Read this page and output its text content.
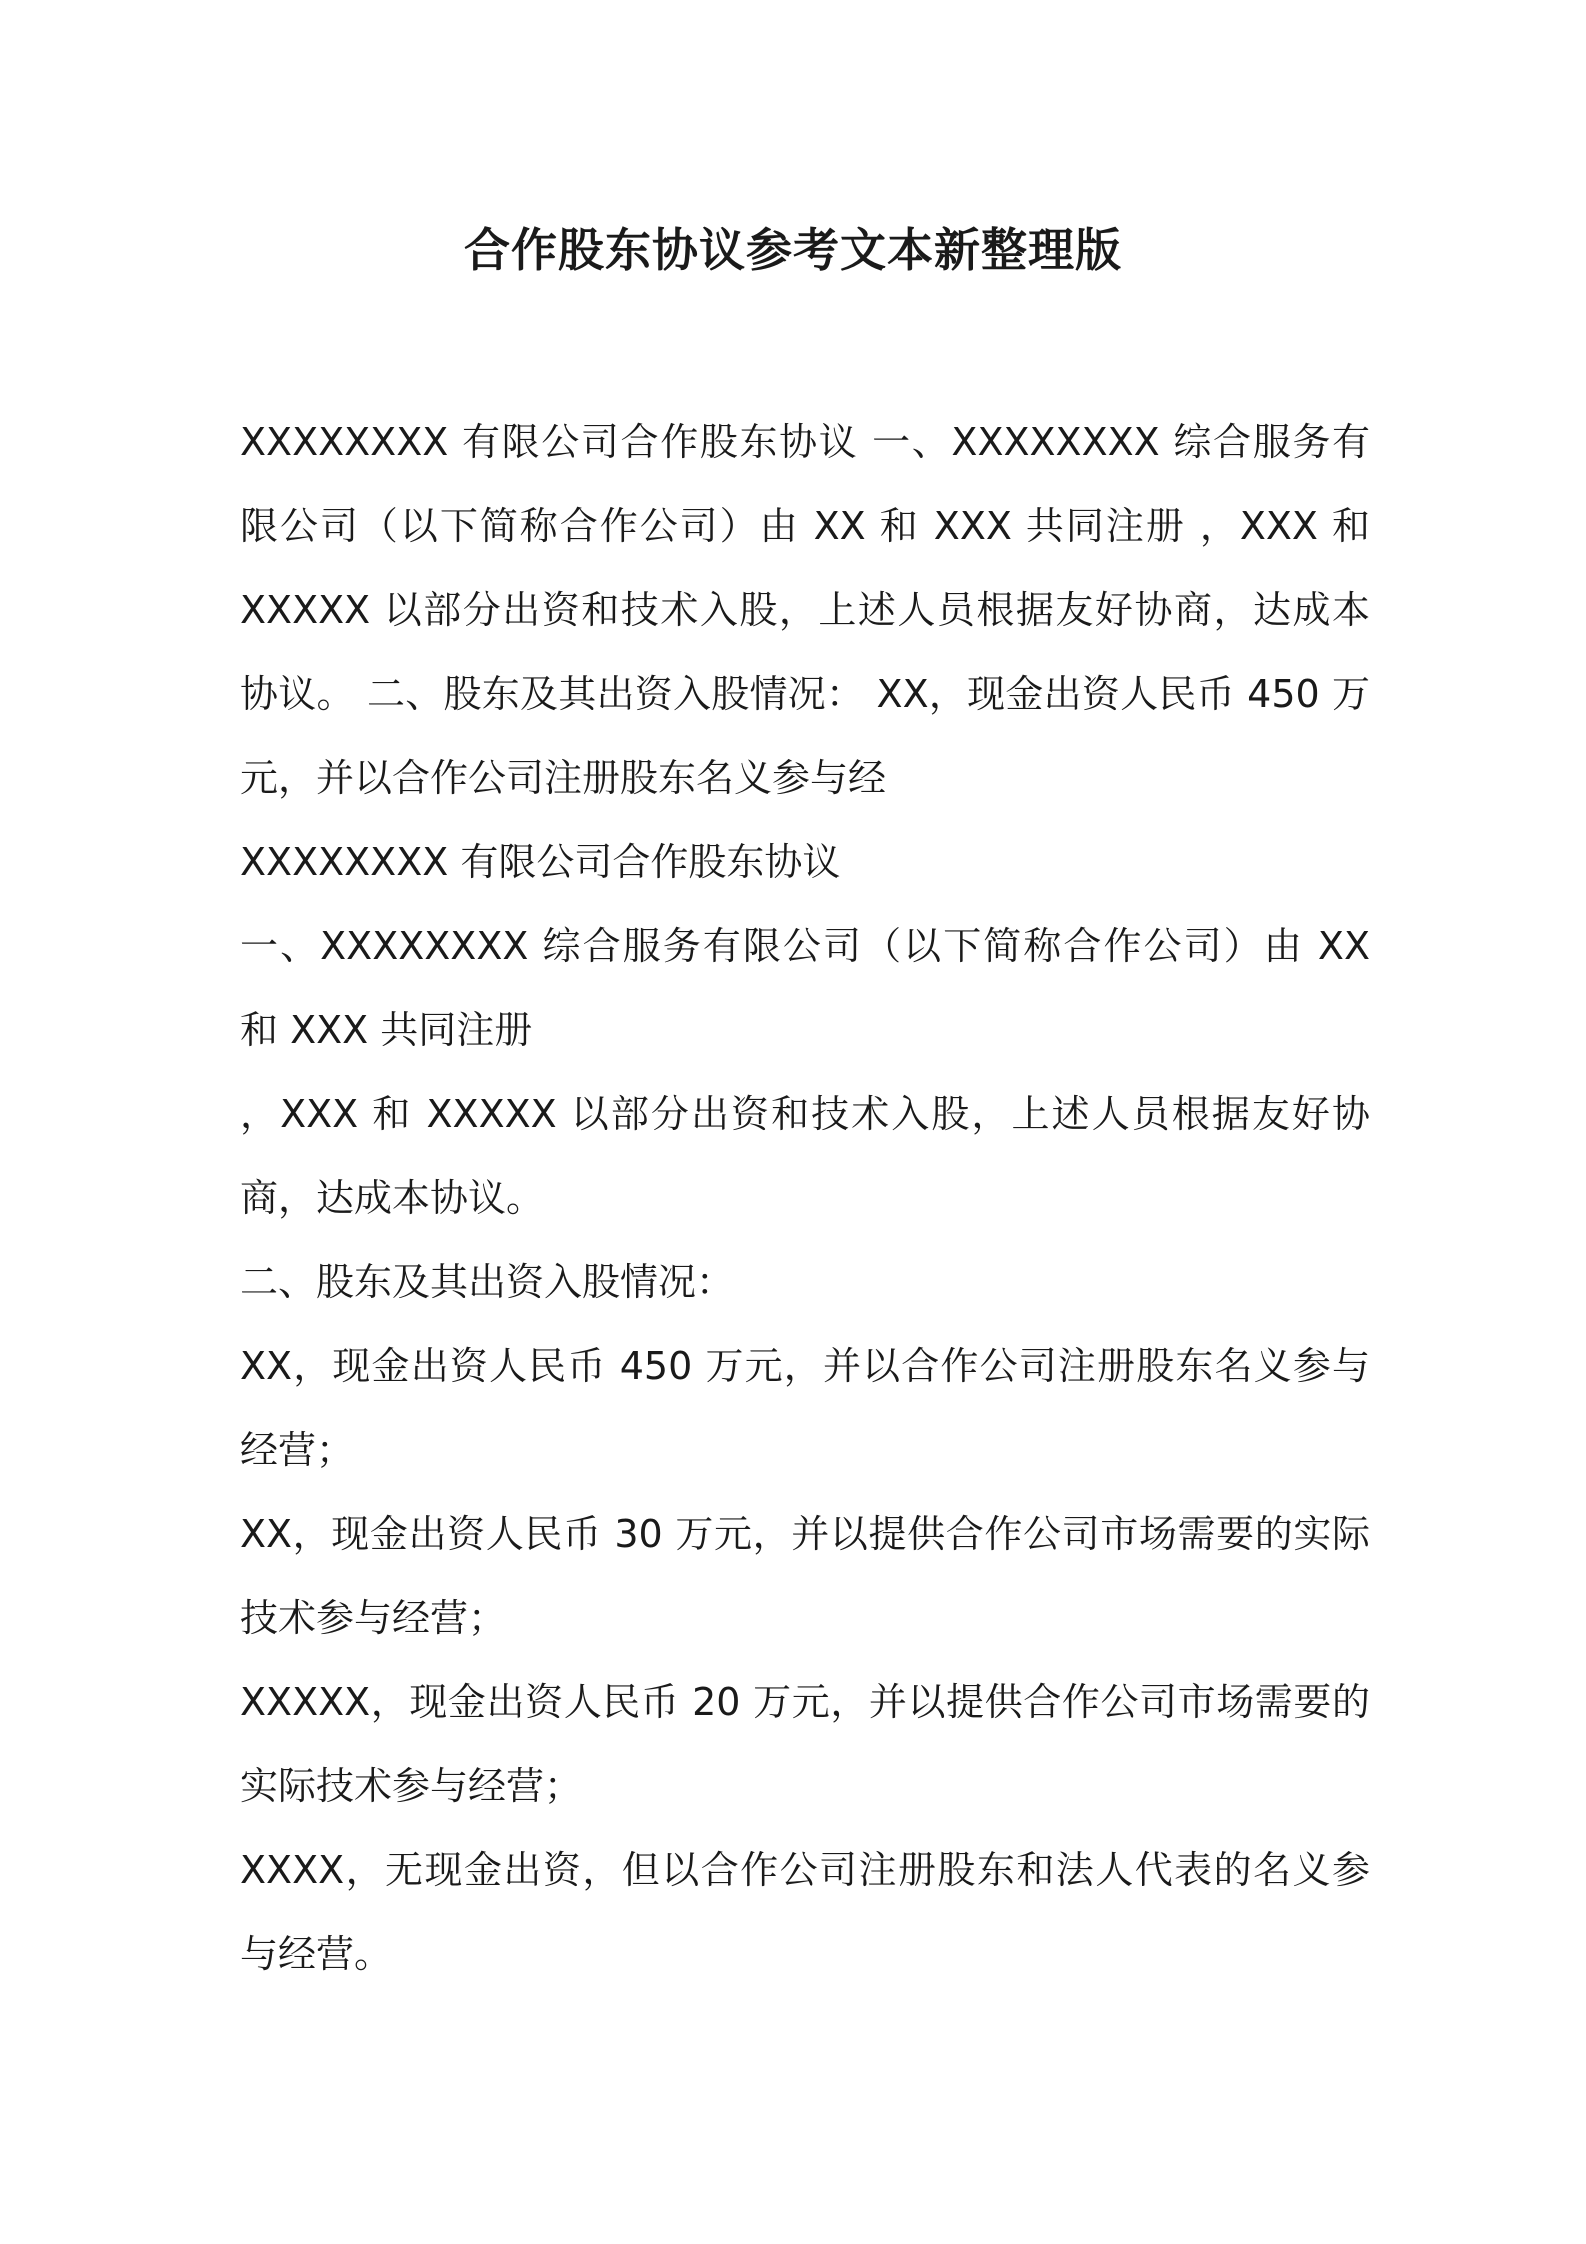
合作股东协议参考文本新整理版

XXXXXXXX 有限公司合作股东协议 一、XXXXXXXX 综合服务有限公司（以下简称合作公司）由 XX 和 XXX 共同注册 ，XXX 和 XXXXX 以部分出资和技术入股，上述人员根据友好协商，达成本协议。 二、股东及其出资入股情况： XX，现金出资人民币 450 万元，并以合作公司注册股东名义参与经

XXXXXXXX 有限公司合作股东协议

一、XXXXXXXX 综合服务有限公司（以下简称合作公司）由 XX 和 XXX 共同注册

，XXX 和 XXXXX 以部分出资和技术入股，上述人员根据友好协商，达成本协议。

二、股东及其出资入股情况：

XX，现金出资人民币 450 万元，并以合作公司注册股东名义参与经营；

XX，现金出资人民币 30 万元，并以提供合作公司市场需要的实际技术参与经营；

XXXXX，现金出资人民币 20 万元，并以提供合作公司市场需要的实际技术参与经营；

XXXX，无现金出资，但以合作公司注册股东和法人代表的名义参与经营。
